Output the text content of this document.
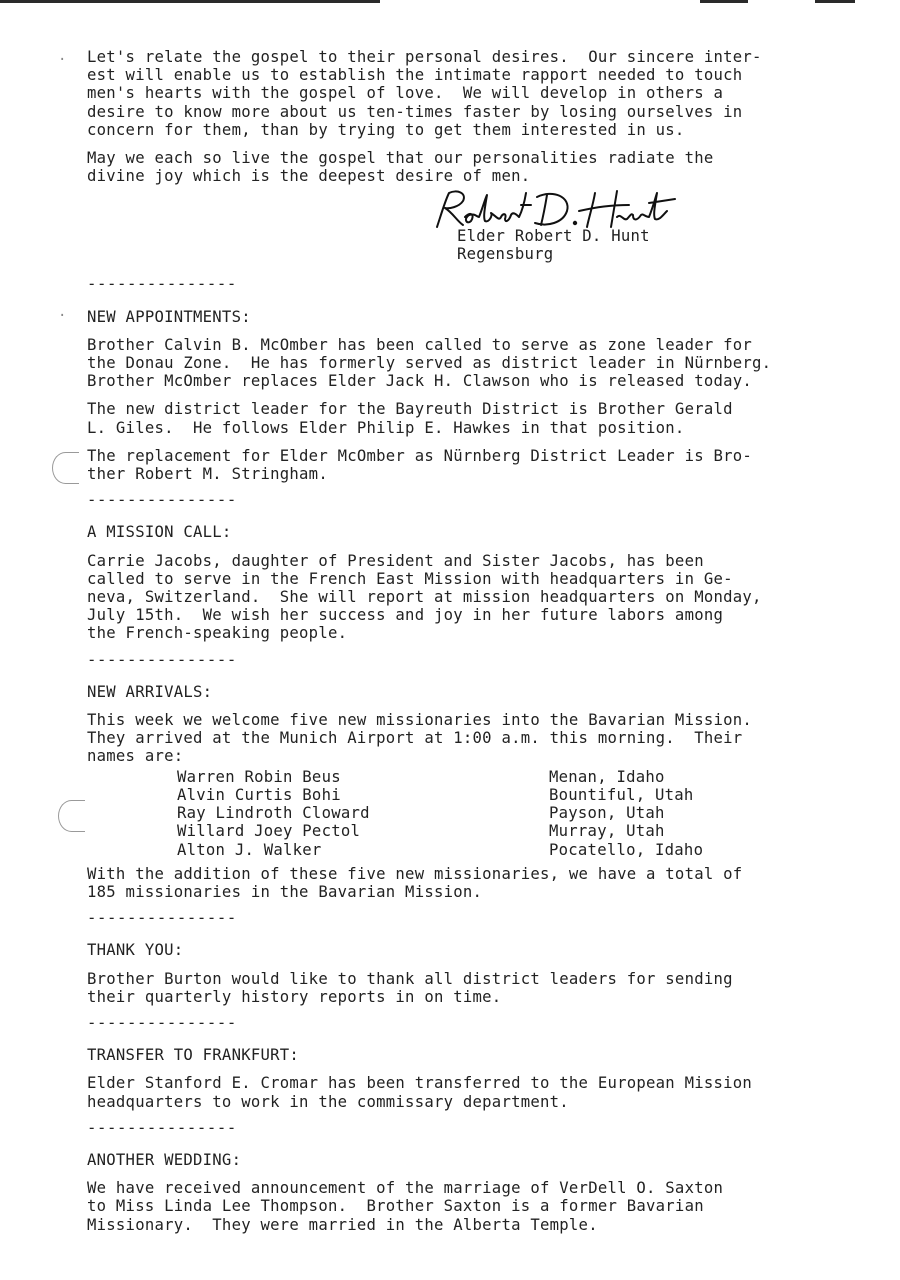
·
·

Let's relate the gospel to their personal desires.  Our sincere inter-
est will enable us to establish the intimate rapport needed to touch
men's hearts with the gospel of love.  We will develop in others a
desire to know more about us ten-times faster by losing ourselves in
concern for them, than by trying to get them interested in us.

May we each so live the gospel that our personalities radiate the
divine joy which is the deepest desire of men.

Elder Robert D. Hunt
Regensburg
---------------
NEW APPOINTMENTS:

Brother Calvin B. McOmber has been called to serve as zone leader for
the Donau Zone.  He has formerly served as district leader in Nürnberg.
Brother McOmber replaces Elder Jack H. Clawson who is released today.

The new district leader for the Bayreuth District is Brother Gerald
L. Giles.  He follows Elder Philip E. Hawkes in that position.

The replacement for Elder McOmber as Nürnberg District Leader is Bro-
ther Robert M. Stringham.

---------------
A MISSION CALL:

Carrie Jacobs, daughter of President and Sister Jacobs, has been
called to serve in the French East Mission with headquarters in Ge-
neva, Switzerland.  She will report at mission headquarters on Monday,
July 15th.  We wish her success and joy in her future labors among
the French-speaking people.

---------------
NEW ARRIVALS:

This week we welcome five new missionaries into the Bavarian Mission.
They arrived at the Munich Airport at 1:00 a.m. this morning.  Their
names are:

Warren Robin Beus	Menan, Idaho
Alvin Curtis Bohi	Bountiful, Utah
Ray Lindroth Cloward	Payson, Utah
Willard Joey Pectol	Murray, Utah
Alton J. Walker	Pocatello, Idaho

With the addition of these five new missionaries, we have a total of
185 missionaries in the Bavarian Mission.

---------------
THANK YOU:

Brother Burton would like to thank all district leaders for sending
their quarterly history reports in on time.

---------------
TRANSFER TO FRANKFURT:

Elder Stanford E. Cromar has been transferred to the European Mission
headquarters to work in the commissary department.

---------------
ANOTHER WEDDING:

We have received announcement of the marriage of VerDell O. Saxton
to Miss Linda Lee Thompson.  Brother Saxton is a former Bavarian
Missionary.  They were married in the Alberta Temple.
